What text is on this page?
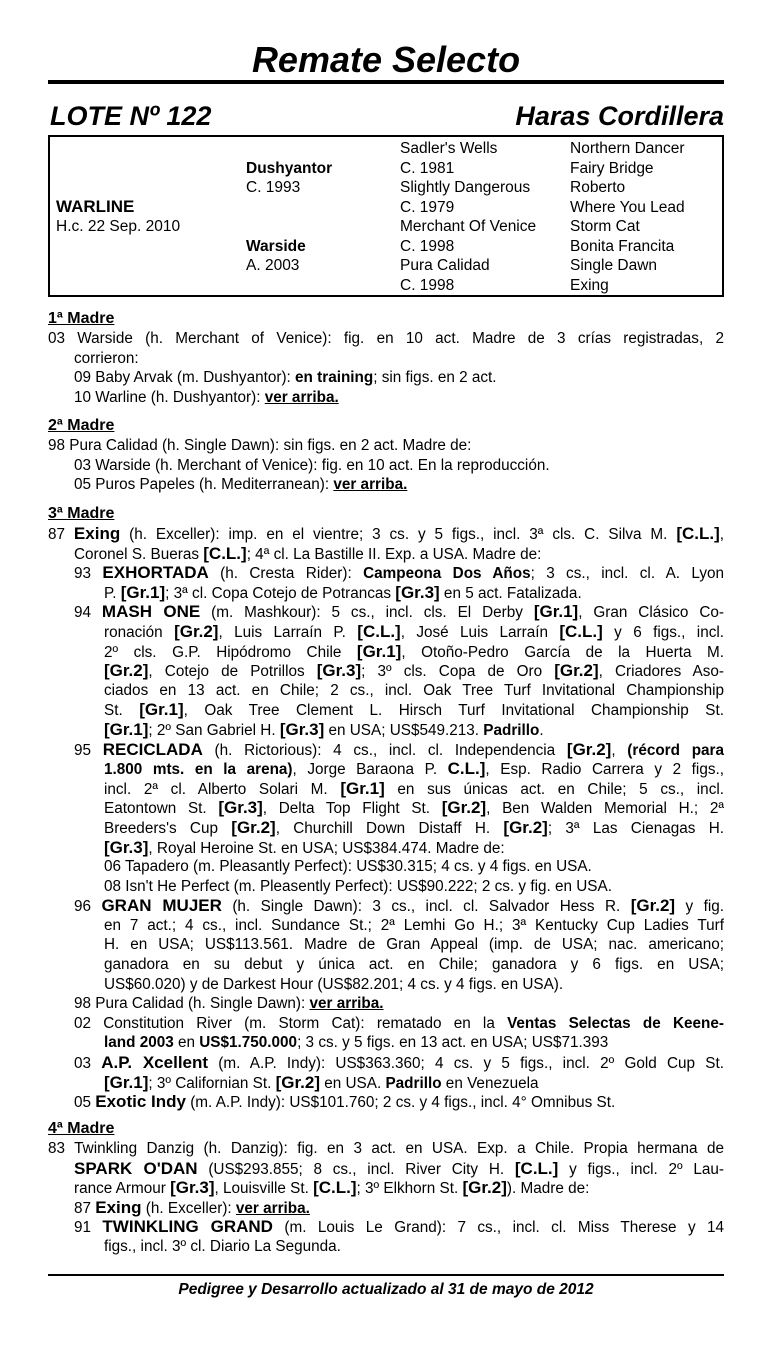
Remate Selecto
LOTE Nº 122	Haras Cordillera
WARLINE
H.c. 22 Sep. 2010
Dushyantor
C. 1993
Warside
A. 2003
Sadler's Wells
C. 1981
Slightly Dangerous
C. 1979
Merchant Of Venice
C. 1998
Pura Calidad
C. 1998
Northern Dancer
Fairy Bridge
Roberto
Where You Lead
Storm Cat
Bonita Francita
Single Dawn
Exing
1ª Madre
03 Warside (h. Merchant of Venice): fig. en 10 act. Madre de 3 crías registradas, 2
corrieron:
09 Baby Arvak (m. Dushyantor): en training; sin figs. en 2 act.
10 Warline (h. Dushyantor): ver arriba.
2ª Madre
98 Pura Calidad (h. Single Dawn): sin figs. en 2 act. Madre de:
03 Warside (h. Merchant of Venice): fig. en 10 act. En la reproducción.
05 Puros Papeles (h. Mediterranean): ver arriba.
3ª Madre
87 Exing (h. Exceller): imp. en el vientre; 3 cs. y 5 figs., incl. 3ª cls. C. Silva M. [C.L.],
Coronel S. Bueras [C.L.]; 4ª cl. La Bastille II. Exp. a USA. Madre de:
93 EXHORTADA (h. Cresta Rider): Campeona Dos Años; 3 cs., incl. cl. A. Lyon
P. [Gr.1]; 3ª cl. Copa Cotejo de Potrancas [Gr.3] en 5 act. Fatalizada.
94 MASH ONE (m. Mashkour): 5 cs., incl. cls. El Derby [Gr.1], Gran Clásico Co-
ronación [Gr.2], Luis Larraín P. [C.L.], José Luis Larraín [C.L.] y 6 figs., incl.
2º cls. G.P. Hipódromo Chile [Gr.1], Otoño-Pedro García de la Huerta M.
[Gr.2], Cotejo de Potrillos [Gr.3]; 3º cls. Copa de Oro [Gr.2], Criadores Aso-
ciados en 13 act. en Chile; 2 cs., incl. Oak Tree Turf Invitational Championship
St. [Gr.1], Oak Tree Clement L. Hirsch Turf Invitational Championship St.
[Gr.1]; 2º San Gabriel H. [Gr.3] en USA; US$549.213. Padrillo.
95 RECICLADA (h. Rictorious): 4 cs., incl. cl. Independencia [Gr.2], (récord para
1.800 mts. en la arena), Jorge Baraona P. C.L.], Esp. Radio Carrera y 2 figs.,
incl. 2ª cl. Alberto Solari M. [Gr.1] en sus únicas act. en Chile; 5 cs., incl.
Eatontown St. [Gr.3], Delta Top Flight St. [Gr.2], Ben Walden Memorial H.; 2ª
Breeders's Cup [Gr.2], Churchill Down Distaff H. [Gr.2]; 3ª Las Cienagas H.
[Gr.3], Royal Heroine St. en USA; US$384.474. Madre de:
06 Tapadero (m. Pleasantly Perfect): US$30.315; 4 cs. y 4 figs. en USA.
08 Isn't He Perfect (m. Pleasently Perfect): US$90.222; 2 cs. y fig. en USA.
96 GRAN MUJER (h. Single Dawn): 3 cs., incl. cl. Salvador Hess R. [Gr.2] y fig.
en 7 act.; 4 cs., incl. Sundance St.; 2ª Lemhi Go H.; 3ª Kentucky Cup Ladies Turf
H. en USA; US$113.561. Madre de Gran Appeal (imp. de USA; nac. americano;
ganadora en su debut y única act. en Chile; ganadora y 6 figs. en USA;
US$60.020) y de Darkest Hour (US$82.201; 4 cs. y 4 figs. en USA).
98 Pura Calidad (h. Single Dawn): ver arriba.
02 Constitution River (m. Storm Cat): rematado en la Ventas Selectas de Keene-
land 2003 en US$1.750.000; 3 cs. y 5 figs. en 13 act. en USA; US$71.393
03 A.P. Xcellent (m. A.P. Indy): US$363.360; 4 cs. y 5 figs., incl. 2º Gold Cup St.
[Gr.1]; 3º Californian St. [Gr.2] en USA. Padrillo en Venezuela
05 Exotic Indy (m. A.P. Indy): US$101.760; 2 cs. y 4 figs., incl. 4° Omnibus St.
4ª Madre
83 Twinkling Danzig (h. Danzig): fig. en 3 act. en USA. Exp. a Chile. Propia hermana de
SPARK O'DAN (US$293.855; 8 cs., incl. River City H. [C.L.] y figs., incl. 2º Lau-
rance Armour [Gr.3], Louisville St. [C.L.]; 3º Elkhorn St. [Gr.2]). Madre de:
87 Exing (h. Exceller): ver arriba.
91 TWINKLING GRAND (m. Louis Le Grand): 7 cs., incl. cl. Miss Therese y 14
figs., incl. 3º cl. Diario La Segunda.
Pedigree y Desarrollo actualizado al 31 de mayo de 2012
